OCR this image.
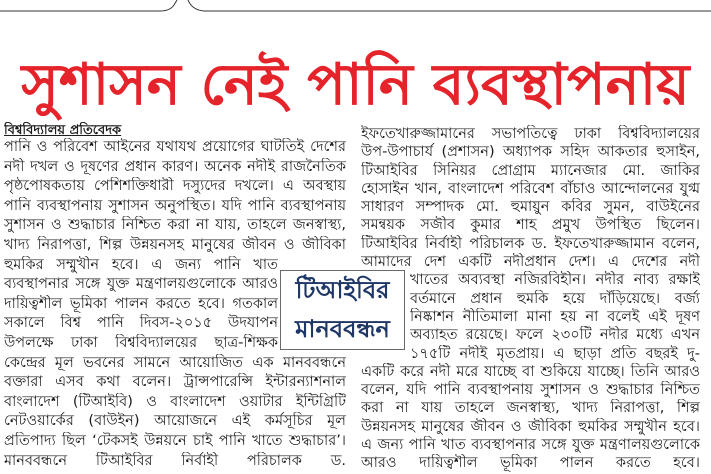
সুশাসন নেই পানি ব্যবস্থাপনায়
বিশ্ববিদ্যালয় প্রতিবেদক
পানি ও পরিবেশ আইনের যথাযথ প্রয়োগের ঘাটতিই দেশের
নদী দখল ও দূষণের প্রধান কারণ। অনেক নদীই রাজনৈতিক
পৃষ্ঠপোষকতায় পেশিশক্তিধারী দস্যুদের দখলে। এ অবস্থায়
পানি ব্যবস্থাপনায় সুশাসন অনুপস্থিত। যদি পানি ব্যবস্থাপনায়
সুশাসন ও শুদ্ধাচার নিশ্চিত করা না যায়, তাহলে জনস্বাস্থ্য,
খাদ্য নিরাপত্তা, শিল্প উন্নয়নসহ মানুষের জীবন ও জীবিকা
হুমকির সম্মুখীন হবে। এ জন্য পানি খাত
ব্যবস্থাপনার সঙ্গে যুক্ত মন্ত্রণালয়গুলোকে আরও
দায়িত্বশীল ভূমিকা পালন করতে হবে। গতকাল
সকালে বিশ্ব পানি দিবস-২০১৫ উদযাপন
উপলক্ষে ঢাকা বিশ্ববিদ্যালয়ের ছাত্র-শিক্ষক
কেন্দ্রের মূল ভবনের সামনে আয়োজিত এক মানববন্ধনে
বক্তারা এসব কথা বলেন। ট্রান্সপারেন্সি ইন্টারন্যাশনাল
বাংলাদেশ (টিআইবি) ও বাংলাদেশ ওয়াটার ইন্টিগ্রিটি
নেটওয়ার্কের (বাউইন) আয়োজনে এই কর্মসূচির মূল
প্রতিপাদ্য ছিল ‘টেকসই উন্নয়নে চাই পানি খাতে শুদ্ধাচার’।
মানববন্ধনে টিআইবির নির্বাহী পরিচালক ড.
ইফতেখারুজ্জামানের সভাপতিত্বে ঢাকা বিশ্ববিদ্যালয়ের
উপ-উপাচার্য (প্রশাসন) অধ্যাপক সহিদ আকতার হুসাইন,
টিআইবির সিনিয়র প্রোগ্রাম ম্যানেজার মো. জাকির
হোসাইন খান, বাংলাদেশ পরিবেশ বাঁচাও আন্দোলনের যুগ্ম
সাধারণ সম্পাদক মো. হুমায়ুন কবির সুমন, বাউইনের
সমন্বয়ক সজীব কুমার শাহ প্রমুখ উপস্থিত ছিলেন।
টিআইবির নির্বাহী পরিচালক ড. ইফতেখারুজ্জামান বলেন,
আমাদের দেশ একটি নদীপ্রধান দেশ। এ দেশের নদী
খাতের অব্যবস্থা নজিরবিহীন। নদীর নাব্য রক্ষাই
বর্তমানে প্রধান হুমকি হয়ে দাঁড়িয়েছে। বর্জ্য
নিষ্কাশন নীতিমালা মানা হয় না বলেই এই দূষণ
অব্যাহত রয়েছে। ফলে ২৩০টি নদীর মধ্যে এখন
১৭৫টি নদীই মৃতপ্রায়। এ ছাড়া প্রতি বছরই দু-
একটি করে নদী মরে যাচ্ছে বা শুকিয়ে যাচ্ছে। তিনি আরও
বলেন, যদি পানি ব্যবস্থাপনায় সুশাসন ও শুদ্ধাচার নিশ্চিত
করা না যায় তাহলে জনস্বাস্থ্য, খাদ্য নিরাপত্তা, শিল্প
উন্নয়নসহ মানুষের জীবন ও জীবিকা হুমকির সম্মুখীন হবে।
এ জন্য পানি খাত ব্যবস্থাপনার সঙ্গে যুক্ত মন্ত্রণালয়গুলোকে
আরও দায়িত্বশীল ভূমিকা পালন করতে হবে।
টিআইবির
মানববন্ধন
